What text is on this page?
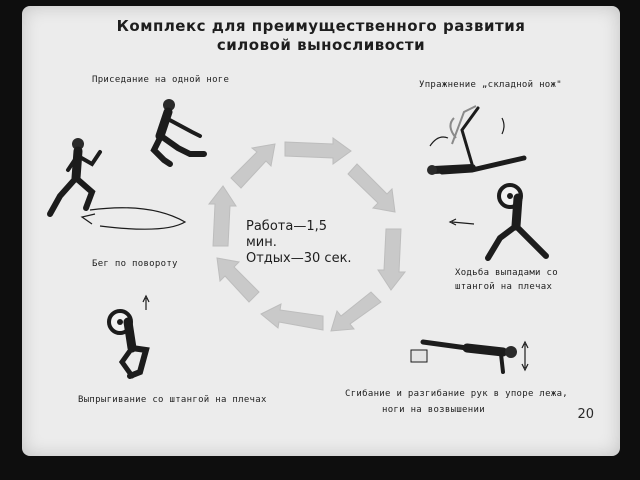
Комплекс для преимущественного развития
силовой выносливости
Работа—1,5 мин.
Отдых—30 сек.
Приседание на одной ноге
Бег по повороту
Упражнение „складной нож"
Ходьба выпадами со
штангой на плечах
Выпрыгивание со штангой на плечах
Сгибание и разгибание рук в упоре лежа,
ноги на возвышении	20
